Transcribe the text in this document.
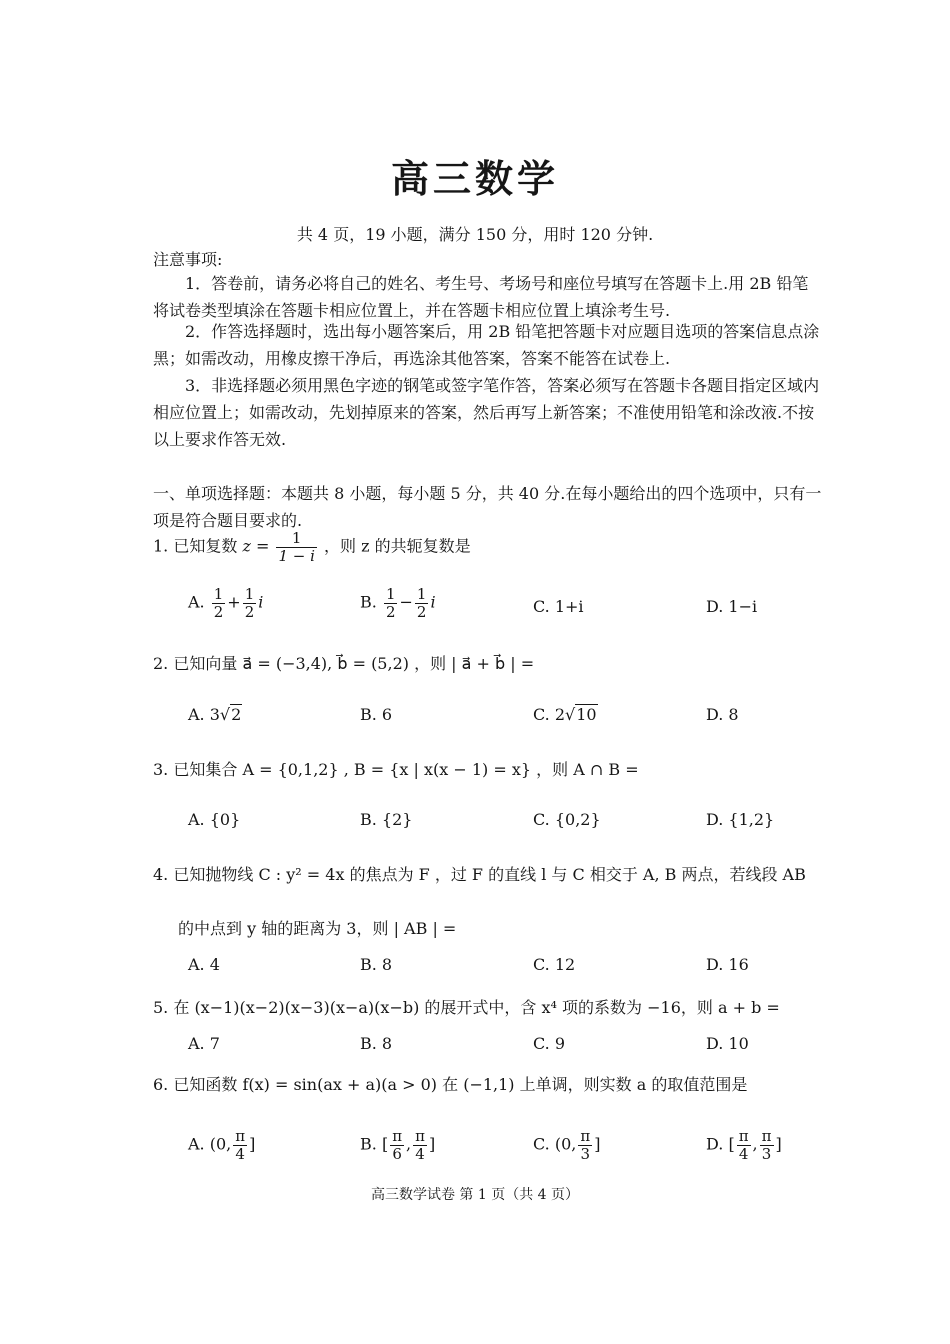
高三数学
共 4 页，19 小题，满分 150 分，用时 120 分钟.
注意事项:
1．答卷前，请务必将自己的姓名、考生号、考场号和座位号填写在答题卡上.用 2B 铅笔将试卷类型填涂在答题卡相应位置上，并在答题卡相应位置上填涂考生号.
2．作答选择题时，选出每小题答案后，用 2B 铅笔把答题卡对应题目选项的答案信息点涂黑；如需改动，用橡皮擦干净后，再选涂其他答案，答案不能答在试卷上.
3．非选择题必须用黑色字迹的钢笔或签字笔作答，答案必须写在答题卡各题目指定区域内相应位置上；如需改动，先划掉原来的答案，然后再写上新答案；不准使用铅笔和涂改液.不按以上要求作答无效.
一、单项选择题：本题共 8 小题，每小题 5 分，共 40 分.在每小题给出的四个选项中，只有一项是符合题目要求的.
1. 已知复数 $z = \frac{1}{1 - i}$ ，则 z 的共轭复数是
A. $\frac{1}{2} + \frac{1}{2}$ i	B. $\frac{1}{2} - \frac{1}{2}$ i	C. 1+i	D. 1−i
2. 已知向量 a⃗ = (−3,4), b⃗ = (5,2) ，则 | a⃗ + b⃗ | =
A. 3√2	B. 6	C. 2√10	D. 8
3. 已知集合 A = {0,1,2} , B = {x | x(x − 1) = x} ，则 A ∩ B =
A. {0}	B. {2}	C. {0,2}	D. {1,2}
4. 已知抛物线 C : y² = 4x 的焦点为 F ，过 F 的直线 l 与 C 相交于 A, B 两点，若线段 AB
的中点到 y 轴的距离为 3，则 | AB | =
A. 4	B. 8	C. 12	D. 16
5. 在 (x−1)(x−2)(x−3)(x−a)(x−b) 的展开式中，含 x⁴ 项的系数为 −16，则 a + b =
A. 7	B. 8	C. 9	D. 10
6. 已知函数 f(x) = sin(ax + a)(a > 0) 在 (−1,1) 上单调，则实数 a 的取值范围是
A. (0, $\frac{\pi}{4}$ ]	B. [ $\frac{\pi}{6}$ , $\frac{\pi}{4}$ ]	C. (0, $\frac{\pi}{3}$ ]	D. [ $\frac{\pi}{4}$ , $\frac{\pi}{3}$ ]
高三数学试卷 第 1 页（共 4 页）
